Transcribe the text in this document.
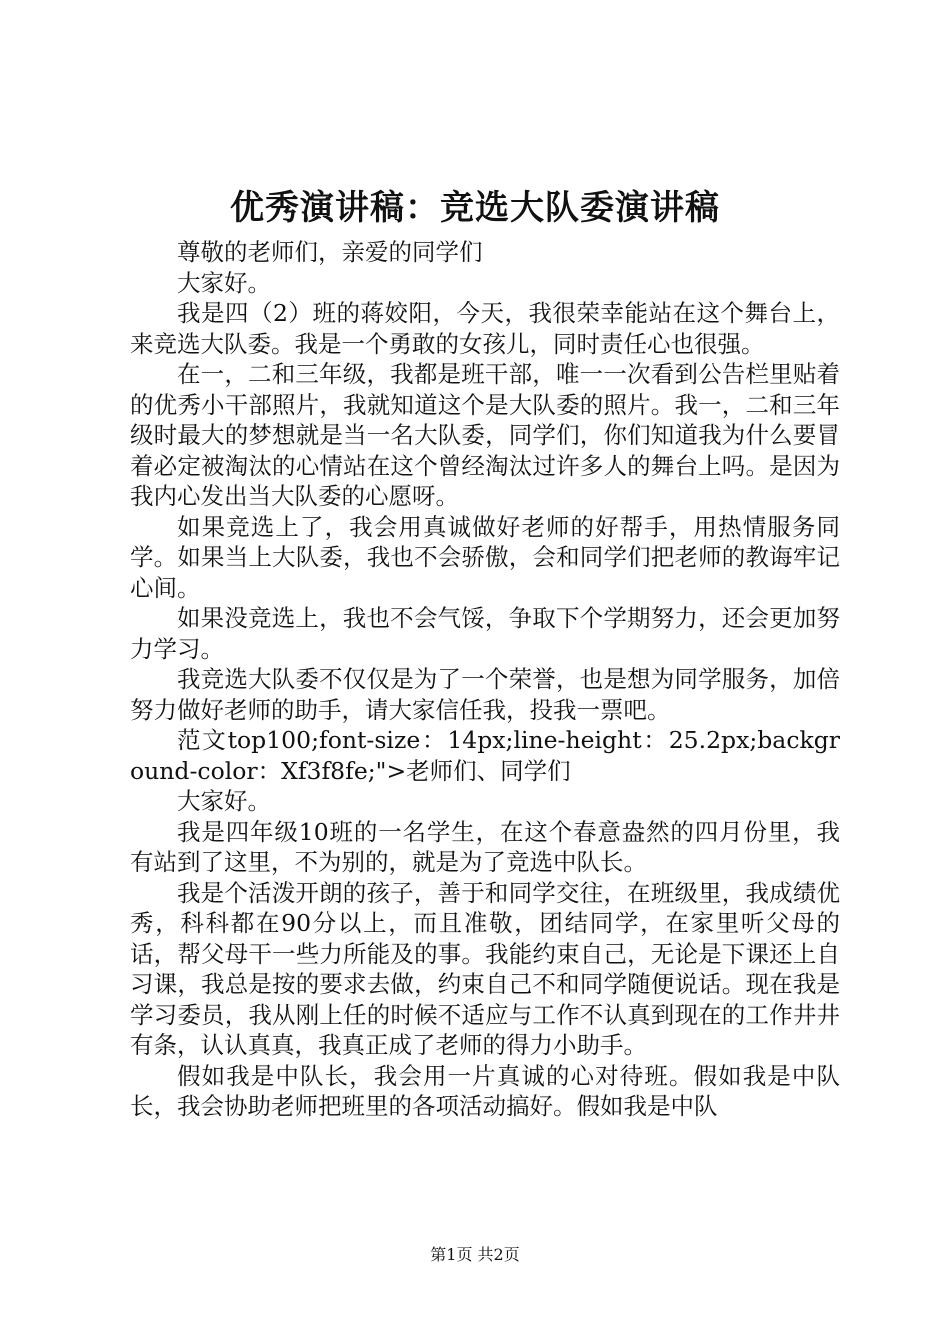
优秀演讲稿：竞选大队委演讲稿

尊敬的老师们，亲爱的同学们

大家好。

我是四（2）班的蒋姣阳，今天，我很荣幸能站在这个舞台上，来竞选大队委。我是一个勇敢的女孩儿，同时责任心也很强。

在一，二和三年级，我都是班干部，唯一一次看到公告栏里贴着的优秀小干部照片，我就知道这个是大队委的照片。我一，二和三年级时最大的梦想就是当一名大队委，同学们，你们知道我为什么要冒着必定被淘汰的心情站在这个曾经淘汰过许多人的舞台上吗。是因为我内心发出当大队委的心愿呀。

如果竞选上了，我会用真诚做好老师的好帮手，用热情服务同学。如果当上大队委，我也不会骄傲，会和同学们把老师的教诲牢记心间。

如果没竞选上，我也不会气馁，争取下个学期努力，还会更加努力学习。

我竞选大队委不仅仅是为了一个荣誉，也是想为同学服务，加倍努力做好老师的助手，请大家信任我，投我一票吧。

范文top100;font-size：14px;line-height：25.2px;background-color：Xf3f8fe;">老师们、同学们

大家好。

我是四年级10班的一名学生，在这个春意盎然的四月份里，我有站到了这里，不为别的，就是为了竞选中队长。

我是个活泼开朗的孩子，善于和同学交往，在班级里，我成绩优秀，科科都在90分以上，而且准敬，团结同学，在家里听父母的话，帮父母干一些力所能及的事。我能约束自己，无论是下课还上自习课，我总是按的要求去做，约束自己不和同学随便说话。现在我是学习委员，我从刚上任的时候不适应与工作不认真到现在的工作井井有条，认认真真，我真正成了老师的得力小助手。

假如我是中队长，我会用一片真诚的心对待班。假如我是中队长，我会协助老师把班里的各项活动搞好。假如我是中队

第1页 共2页
